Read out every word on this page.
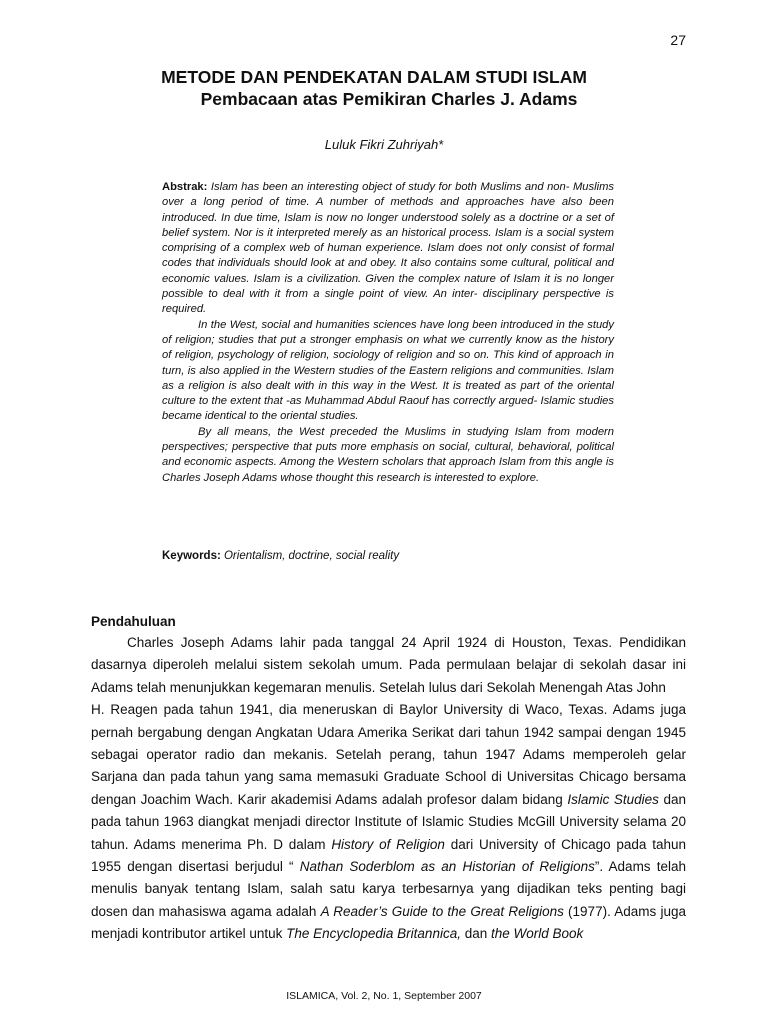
27
METODE DAN PENDEKATAN DALAM STUDI ISLAM
Pembacaan atas Pemikiran Charles J. Adams
Luluk Fikri Zuhriyah*

Abstrak: Islam has been an interesting object of study for both Muslims and non- Muslims over a long period of time. A number of methods and approaches have also been introduced. In due time, Islam is now no longer understood solely as a doctrine or a set of belief system. Nor is it interpreted merely as an historical process. Islam is a social system comprising of a complex web of human experience. Islam does not only consist of formal codes that individuals should look at and obey. It also contains some cultural, political and economic values. Islam is a civilization. Given the complex nature of Islam it is no longer possible to deal with it from a single point of view. An inter- disciplinary perspective is required.

In the West, social and humanities sciences have long been introduced in the study of religion; studies that put a stronger emphasis on what we currently know as the history of religion, psychology of religion, sociology of religion and so on. This kind of approach in turn, is also applied in the Western studies of the Eastern religions and communities. Islam as a religion is also dealt with in this way in the West. It is treated as part of the oriental culture to the extent that -as Muhammad Abdul Raouf has correctly argued- Islamic studies became identical to the oriental studies.

By all means, the West preceded the Muslims in studying Islam from modern perspectives; perspective that puts more emphasis on social, cultural, behavioral, political and economic aspects. Among the Western scholars that approach Islam from this angle is Charles Joseph Adams whose thought this research is interested to explore.

Keywords: Orientalism, doctrine, social reality
Pendahuluan

Charles Joseph Adams lahir pada tanggal 24 April 1924 di Houston, Texas. Pendidikan dasarnya diperoleh melalui sistem sekolah umum. Pada permulaan belajar di sekolah dasar ini Adams telah menunjukkan kegemaran menulis. Setelah lulus dari Sekolah Menengah Atas John

H. Reagen pada tahun 1941, dia meneruskan di Baylor University di Waco, Texas. Adams juga pernah bergabung dengan Angkatan Udara Amerika Serikat dari tahun 1942 sampai dengan 1945 sebagai operator radio dan mekanis. Setelah perang, tahun 1947 Adams memperoleh gelar Sarjana dan pada tahun yang sama memasuki Graduate School di Universitas Chicago bersama dengan Joachim Wach. Karir akademisi Adams adalah profesor dalam bidang Islamic Studies dan pada tahun 1963 diangkat menjadi director Institute of Islamic Studies McGill University selama 20 tahun. Adams menerima Ph. D dalam History of Religion dari University of Chicago pada tahun 1955 dengan disertasi berjudul “ Nathan Soderblom as an Historian of Religions”. Adams telah menulis banyak tentang Islam, salah satu karya terbesarnya yang dijadikan teks penting bagi dosen dan mahasiswa agama adalah A Reader’s Guide to the Great Religions (1977). Adams juga menjadi kontributor artikel untuk The Encyclopedia Britannica, dan the World Book

ISLAMICA, Vol. 2, No. 1, September 2007
